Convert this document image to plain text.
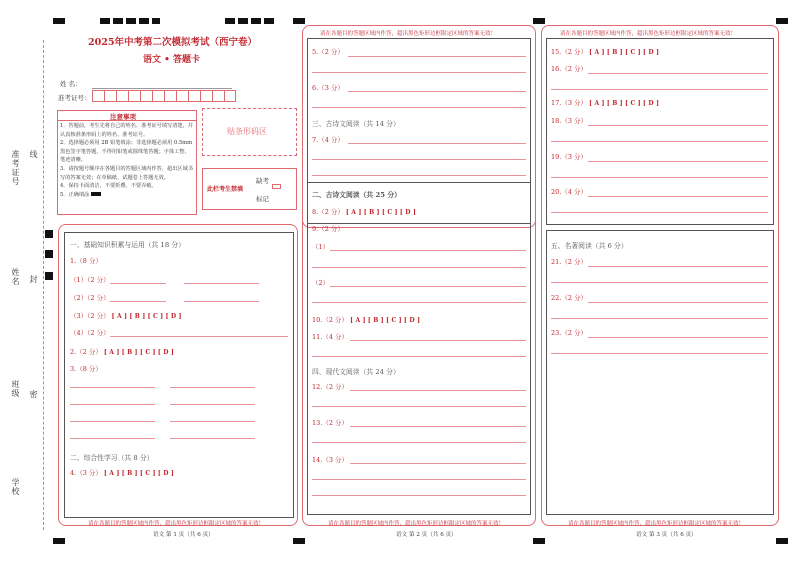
准考证号 线
姓名 封
班级 密
学校
2025年中考第二次模拟考试（西宁卷）
语文 • 答题卡
姓 名：
准考证号：
注意事项
1．答题前，考生先将自己的姓名、准考证号填写清楚，并认真核准条形码上的姓名、准考证号。
2．选择题必须用 2B 铅笔填涂；非选择题必须用 0.5mm 黑色签字笔答题，不得用铅笔或圆珠笔答题；字体工整、笔迹清晰。
3．请按题号顺序在各题目的答题区域内作答，超出区域书写的答案无效；在草稿纸、试题卷上答题无效。
4．保持卡面清洁，不要折叠、不要弄破。
5．正确填涂
贴条形码区
此栏考生禁填
缺考
标记
一、基础知识积累与运用（共 18 分）
1.（8 分）
（1）（2 分）
（2）（2 分）
（3）（2 分） [ A ] [ B ] [ C ] [ D ]
（4）（2 分）
2.（2 分） [ A ] [ B ] [ C ] [ D ]
3.（8 分）
二、综合性学习（共 8 分）
4.（3 分） [ A ] [ B ] [ C ] [ D ]
请在各题目的答题区域内作答，超出黑色矩形边框限定区域的答案无效！
语文 第 1 页（共 6 页）
请在各题目的答题区域内作答，超出黑色矩形边框限定区域的答案无效！
5.（2 分）
6.（3 分）
三、古诗文阅读（共 14 分）
7.（4 分）
二、古诗文阅读（共 25 分）
8.（2 分） [ A ] [ B ] [ C ] [ D ]
9.（2 分）
（1）
（2）
10.（2 分） [ A ] [ B ] [ C ] [ D ]
11.（4 分）
四、现代文阅读（共 24 分）
12.（2 分）
13.（2 分）
14.（3 分）
请在各题目的答题区域内作答，超出黑色矩形边框限定区域的答案无效！
语文 第 2 页（共 6 页）
请在各题目的答题区域内作答，超出黑色矩形边框限定区域的答案无效！
15.（2 分） [ A ] [ B ] [ C ] [ D ]
16.（2 分）
17.（3 分） [ A ] [ B ] [ C ] [ D ]
18.（3 分）
19.（3 分）
20.（4 分）
五、名著阅读（共 6 分）
21.（2 分）
22.（2 分）
23.（2 分）
请在各题目的答题区域内作答，超出黑色矩形边框限定区域的答案无效！
语文 第 3 页（共 6 页）
